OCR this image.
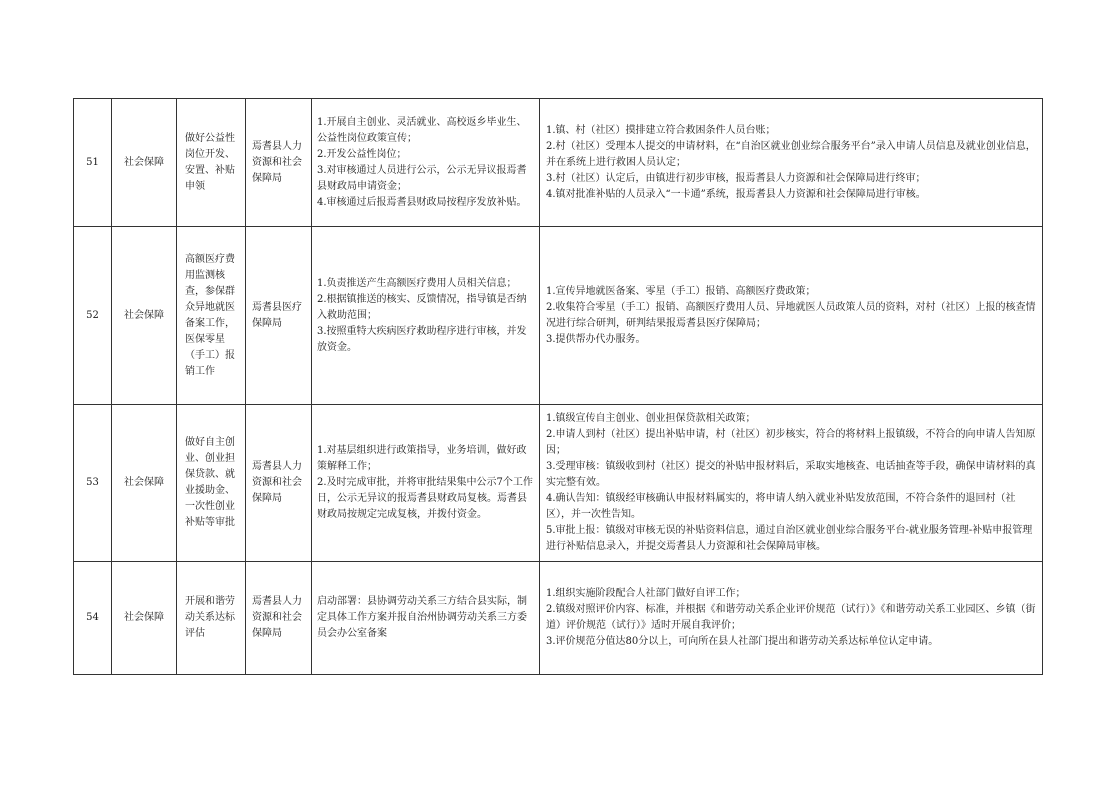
51	社会保障	做好公益性岗位开发、安置、补贴申领	焉耆县人力资源和社会保障局	1.开展自主创业、灵活就业、高校返乡毕业生、公益性岗位政策宣传；
2.开发公益性岗位；
3.对审核通过人员进行公示，公示无异议报焉耆县财政局申请资金；
4.审核通过后报焉耆县财政局按程序发放补贴。	1.镇、村（社区）摸排建立符合救困条件人员台账；
2.村（社区）受理本人提交的申请材料，在“自治区就业创业综合服务平台”录入申请人员信息及就业创业信息，并在系统上进行救困人员认定；
3.村（社区）认定后，由镇进行初步审核，报焉耆县人力资源和社会保障局进行终审；
4.镇对批准补贴的人员录入“一卡通”系统，报焉耆县人力资源和社会保障局进行审核。

52	社会保障	高额医疗费用监测核查，参保群众异地就医备案工作，医保零星（手工）报销工作	焉耆县医疗保障局	1.负责推送产生高额医疗费用人员相关信息；
2.根据镇推送的核实、反馈情况，指导镇是否纳入救助范围；
3.按照重特大疾病医疗救助程序进行审核，并发放资金。	1.宣传异地就医备案、零星（手工）报销、高额医疗费政策；
2.收集符合零星（手工）报销、高额医疗费用人员、异地就医人员政策人员的资料，对村（社区）上报的核查情况进行综合研判，研判结果报焉耆县医疗保障局；
3.提供帮办代办服务。

53	社会保障	做好自主创业、创业担保贷款、就业援助金、一次性创业补贴等审批	焉耆县人力资源和社会保障局	1.对基层组织进行政策指导，业务培训，做好政策解释工作；
2.及时完成审批，并将审批结果集中公示7个工作日，公示无异议的报焉耆县财政局复核。焉耆县财政局按规定完成复核，并拨付资金。	1.镇级宣传自主创业、创业担保贷款相关政策；
2.申请人到村（社区）提出补贴申请，村（社区）初步核实，符合的将材料上报镇级，不符合的向申请人告知原因；
3.受理审核：镇级收到村（社区）提交的补贴申报材料后，采取实地核查、电话抽查等手段，确保申请材料的真实完整有效。
4.确认告知：镇级经审核确认申报材料属实的，将申请人纳入就业补贴发放范围，不符合条件的退回村（社区），并一次性告知。
5.审批上报：镇级对审核无误的补贴资料信息，通过自治区就业创业综合服务平台-就业服务管理-补贴申报管理进行补贴信息录入，并提交焉耆县人力资源和社会保障局审核。

54	社会保障	开展和谐劳动关系达标评估	焉耆县人力资源和社会保障局	启动部署：县协调劳动关系三方结合县实际，制定具体工作方案并报自治州协调劳动关系三方委员会办公室备案	1.组织实施阶段配合人社部门做好自评工作；
2.镇级对照评价内容、标准，并根据《和谐劳动关系企业评价规范（试行）》《和谐劳动关系工业园区、乡镇（街道）评价规范（试行）》适时开展自我评价；
3.评价规范分值达80分以上，可向所在县人社部门提出和谐劳动关系达标单位认定申请。
